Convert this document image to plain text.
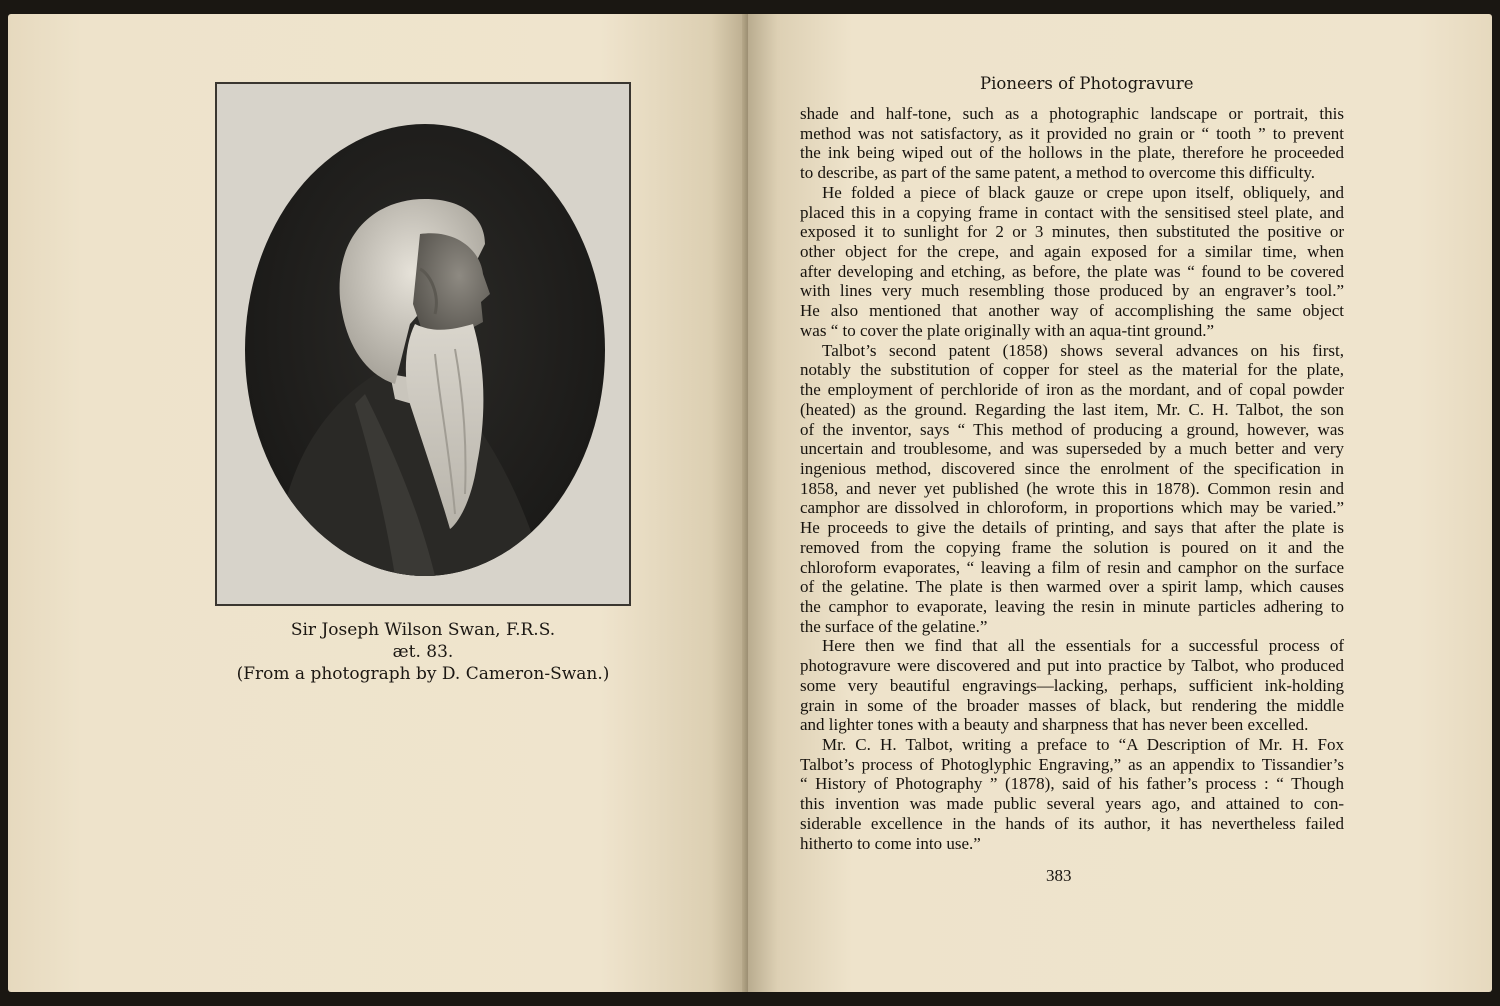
Sir Joseph Wilson Swan, F.R.S.
æt. 83.
(From a photograph by D. Cameron-Swan.)
Pioneers of Photogravure
shade and half-tone, such as a photographic landscape or portrait, this
method was not satisfactory, as it provided no grain or “ tooth ” to prevent
the ink being wiped out of the hollows in the plate, therefore he proceeded
to describe, as part of the same patent, a method to overcome this difficulty.
He folded a piece of black gauze or crepe upon itself, obliquely, and
placed this in a copying frame in contact with the sensitised steel plate, and
exposed it to sunlight for 2 or 3 minutes, then substituted the positive or
other object for the crepe, and again exposed for a similar time, when
after developing and etching, as before, the plate was “ found to be covered
with lines very much resembling those produced by an engraver’s tool.”
He also mentioned that another way of accomplishing the same object
was “ to cover the plate originally with an aqua-tint ground.”
Talbot’s second patent (1858) shows several advances on his first,
notably the substitution of copper for steel as the material for the plate,
the employment of perchloride of iron as the mordant, and of copal powder
(heated) as the ground. Regarding the last item, Mr. C. H. Talbot, the son
of the inventor, says “ This method of producing a ground, however, was
uncertain and troublesome, and was superseded by a much better and very
ingenious method, discovered since the enrolment of the specification in
1858, and never yet published (he wrote this in 1878). Common resin and
camphor are dissolved in chloroform, in proportions which may be varied.”
He proceeds to give the details of printing, and says that after the plate is
removed from the copying frame the solution is poured on it and the
chloroform evaporates, “ leaving a film of resin and camphor on the surface
of the gelatine. The plate is then warmed over a spirit lamp, which causes
the camphor to evaporate, leaving the resin in minute particles adhering to
the surface of the gelatine.”
Here then we find that all the essentials for a successful process of
photogravure were discovered and put into practice by Talbot, who produced
some very beautiful engravings—lacking, perhaps, sufficient ink-holding
grain in some of the broader masses of black, but rendering the middle
and lighter tones with a beauty and sharpness that has never been excelled.
Mr. C. H. Talbot, writing a preface to “A Description of Mr. H. Fox
Talbot’s process of Photoglyphic Engraving,” as an appendix to Tissandier’s
“ History of Photography ” (1878), said of his father’s process : “ Though
this invention was made public several years ago, and attained to con-
siderable excellence in the hands of its author, it has nevertheless failed
hitherto to come into use.”
383
